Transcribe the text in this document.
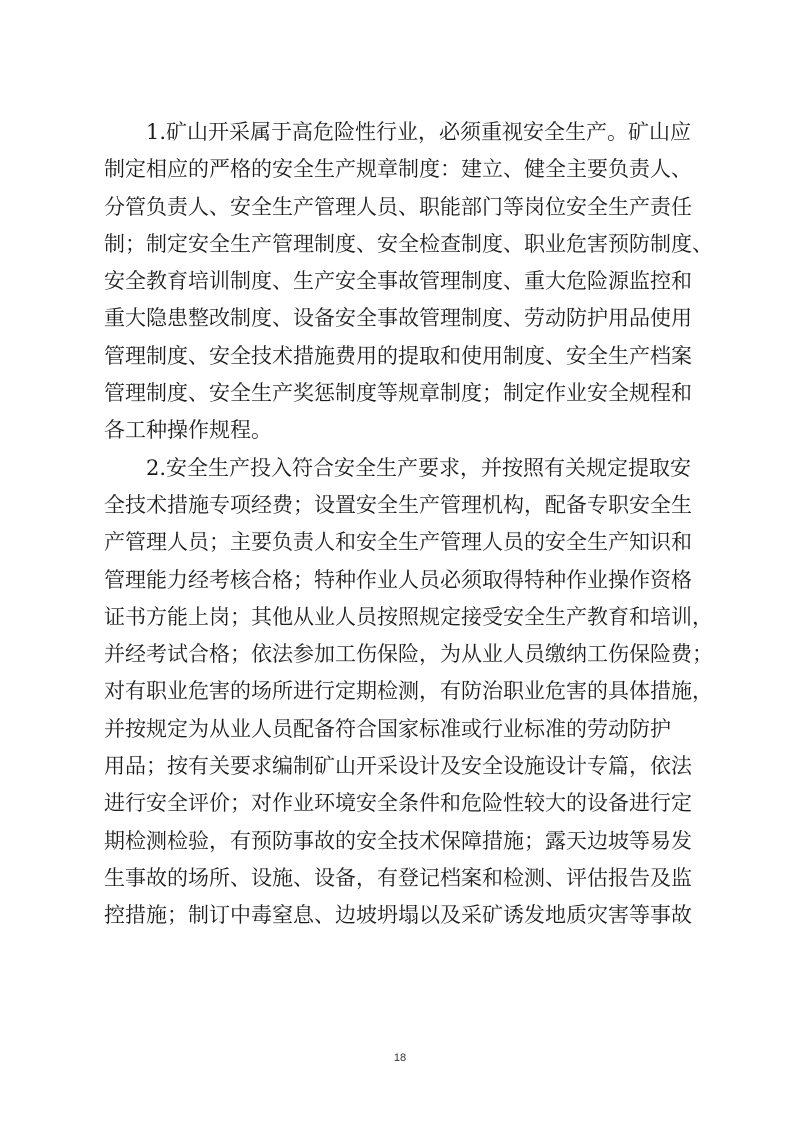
1.矿山开采属于高危险性行业，必须重视安全生产。矿山应
制定相应的严格的安全生产规章制度：建立、健全主要负责人、
分管负责人、安全生产管理人员、职能部门等岗位安全生产责任
制；制定安全生产管理制度、安全检查制度、职业危害预防制度、
安全教育培训制度、生产安全事故管理制度、重大危险源监控和
重大隐患整改制度、设备安全事故管理制度、劳动防护用品使用
管理制度、安全技术措施费用的提取和使用制度、安全生产档案
管理制度、安全生产奖惩制度等规章制度；制定作业安全规程和
各工种操作规程。
2.安全生产投入符合安全生产要求，并按照有关规定提取安
全技术措施专项经费；设置安全生产管理机构，配备专职安全生
产管理人员；主要负责人和安全生产管理人员的安全生产知识和
管理能力经考核合格；特种作业人员必须取得特种作业操作资格
证书方能上岗；其他从业人员按照规定接受安全生产教育和培训，
并经考试合格；依法参加工伤保险，为从业人员缴纳工伤保险费；
对有职业危害的场所进行定期检测，有防治职业危害的具体措施，
并按规定为从业人员配备符合国家标准或行业标准的劳动防护
用品；按有关要求编制矿山开采设计及安全设施设计专篇，依法
进行安全评价；对作业环境安全条件和危险性较大的设备进行定
期检测检验，有预防事故的安全技术保障措施；露天边坡等易发
生事故的场所、设施、设备，有登记档案和检测、评估报告及监
控措施；制订中毒窒息、边坡坍塌以及采矿诱发地质灾害等事故
18
